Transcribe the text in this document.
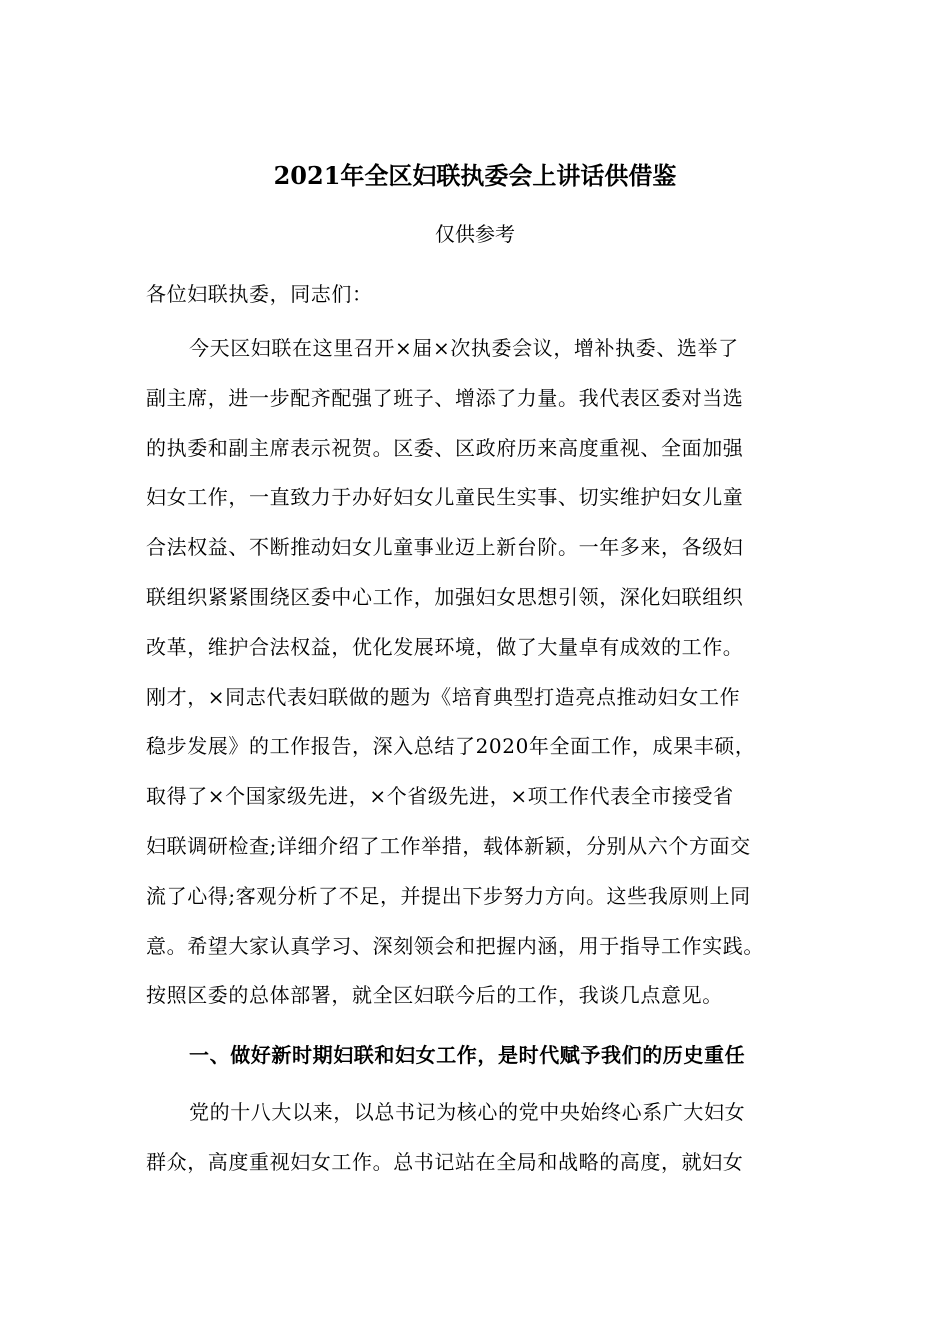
2021年全区妇联执委会上讲话供借鉴
仅供参考
各位妇联执委，同志们：
今天区妇联在这里召开×届×次执委会议，增补执委、选举了
副主席，进一步配齐配强了班子、增添了力量。我代表区委对当选
的执委和副主席表示祝贺。区委、区政府历来高度重视、全面加强
妇女工作，一直致力于办好妇女儿童民生实事、切实维护妇女儿童
合法权益、不断推动妇女儿童事业迈上新台阶。一年多来，各级妇
联组织紧紧围绕区委中心工作，加强妇女思想引领，深化妇联组织
改革，维护合法权益，优化发展环境，做了大量卓有成效的工作。
刚才，×同志代表妇联做的题为《培育典型打造亮点推动妇女工作
稳步发展》的工作报告，深入总结了2020年全面工作，成果丰硕，
取得了×个国家级先进，×个省级先进，×项工作代表全市接受省
妇联调研检查;详细介绍了工作举措，载体新颖，分别从六个方面交
流了心得;客观分析了不足，并提出下步努力方向。这些我原则上同
意。希望大家认真学习、深刻领会和把握内涵，用于指导工作实践。
按照区委的总体部署，就全区妇联今后的工作，我谈几点意见。
一、做好新时期妇联和妇女工作，是时代赋予我们的历史重任
党的十八大以来，以总书记为核心的党中央始终心系广大妇女
群众，高度重视妇女工作。总书记站在全局和战略的高度，就妇女
